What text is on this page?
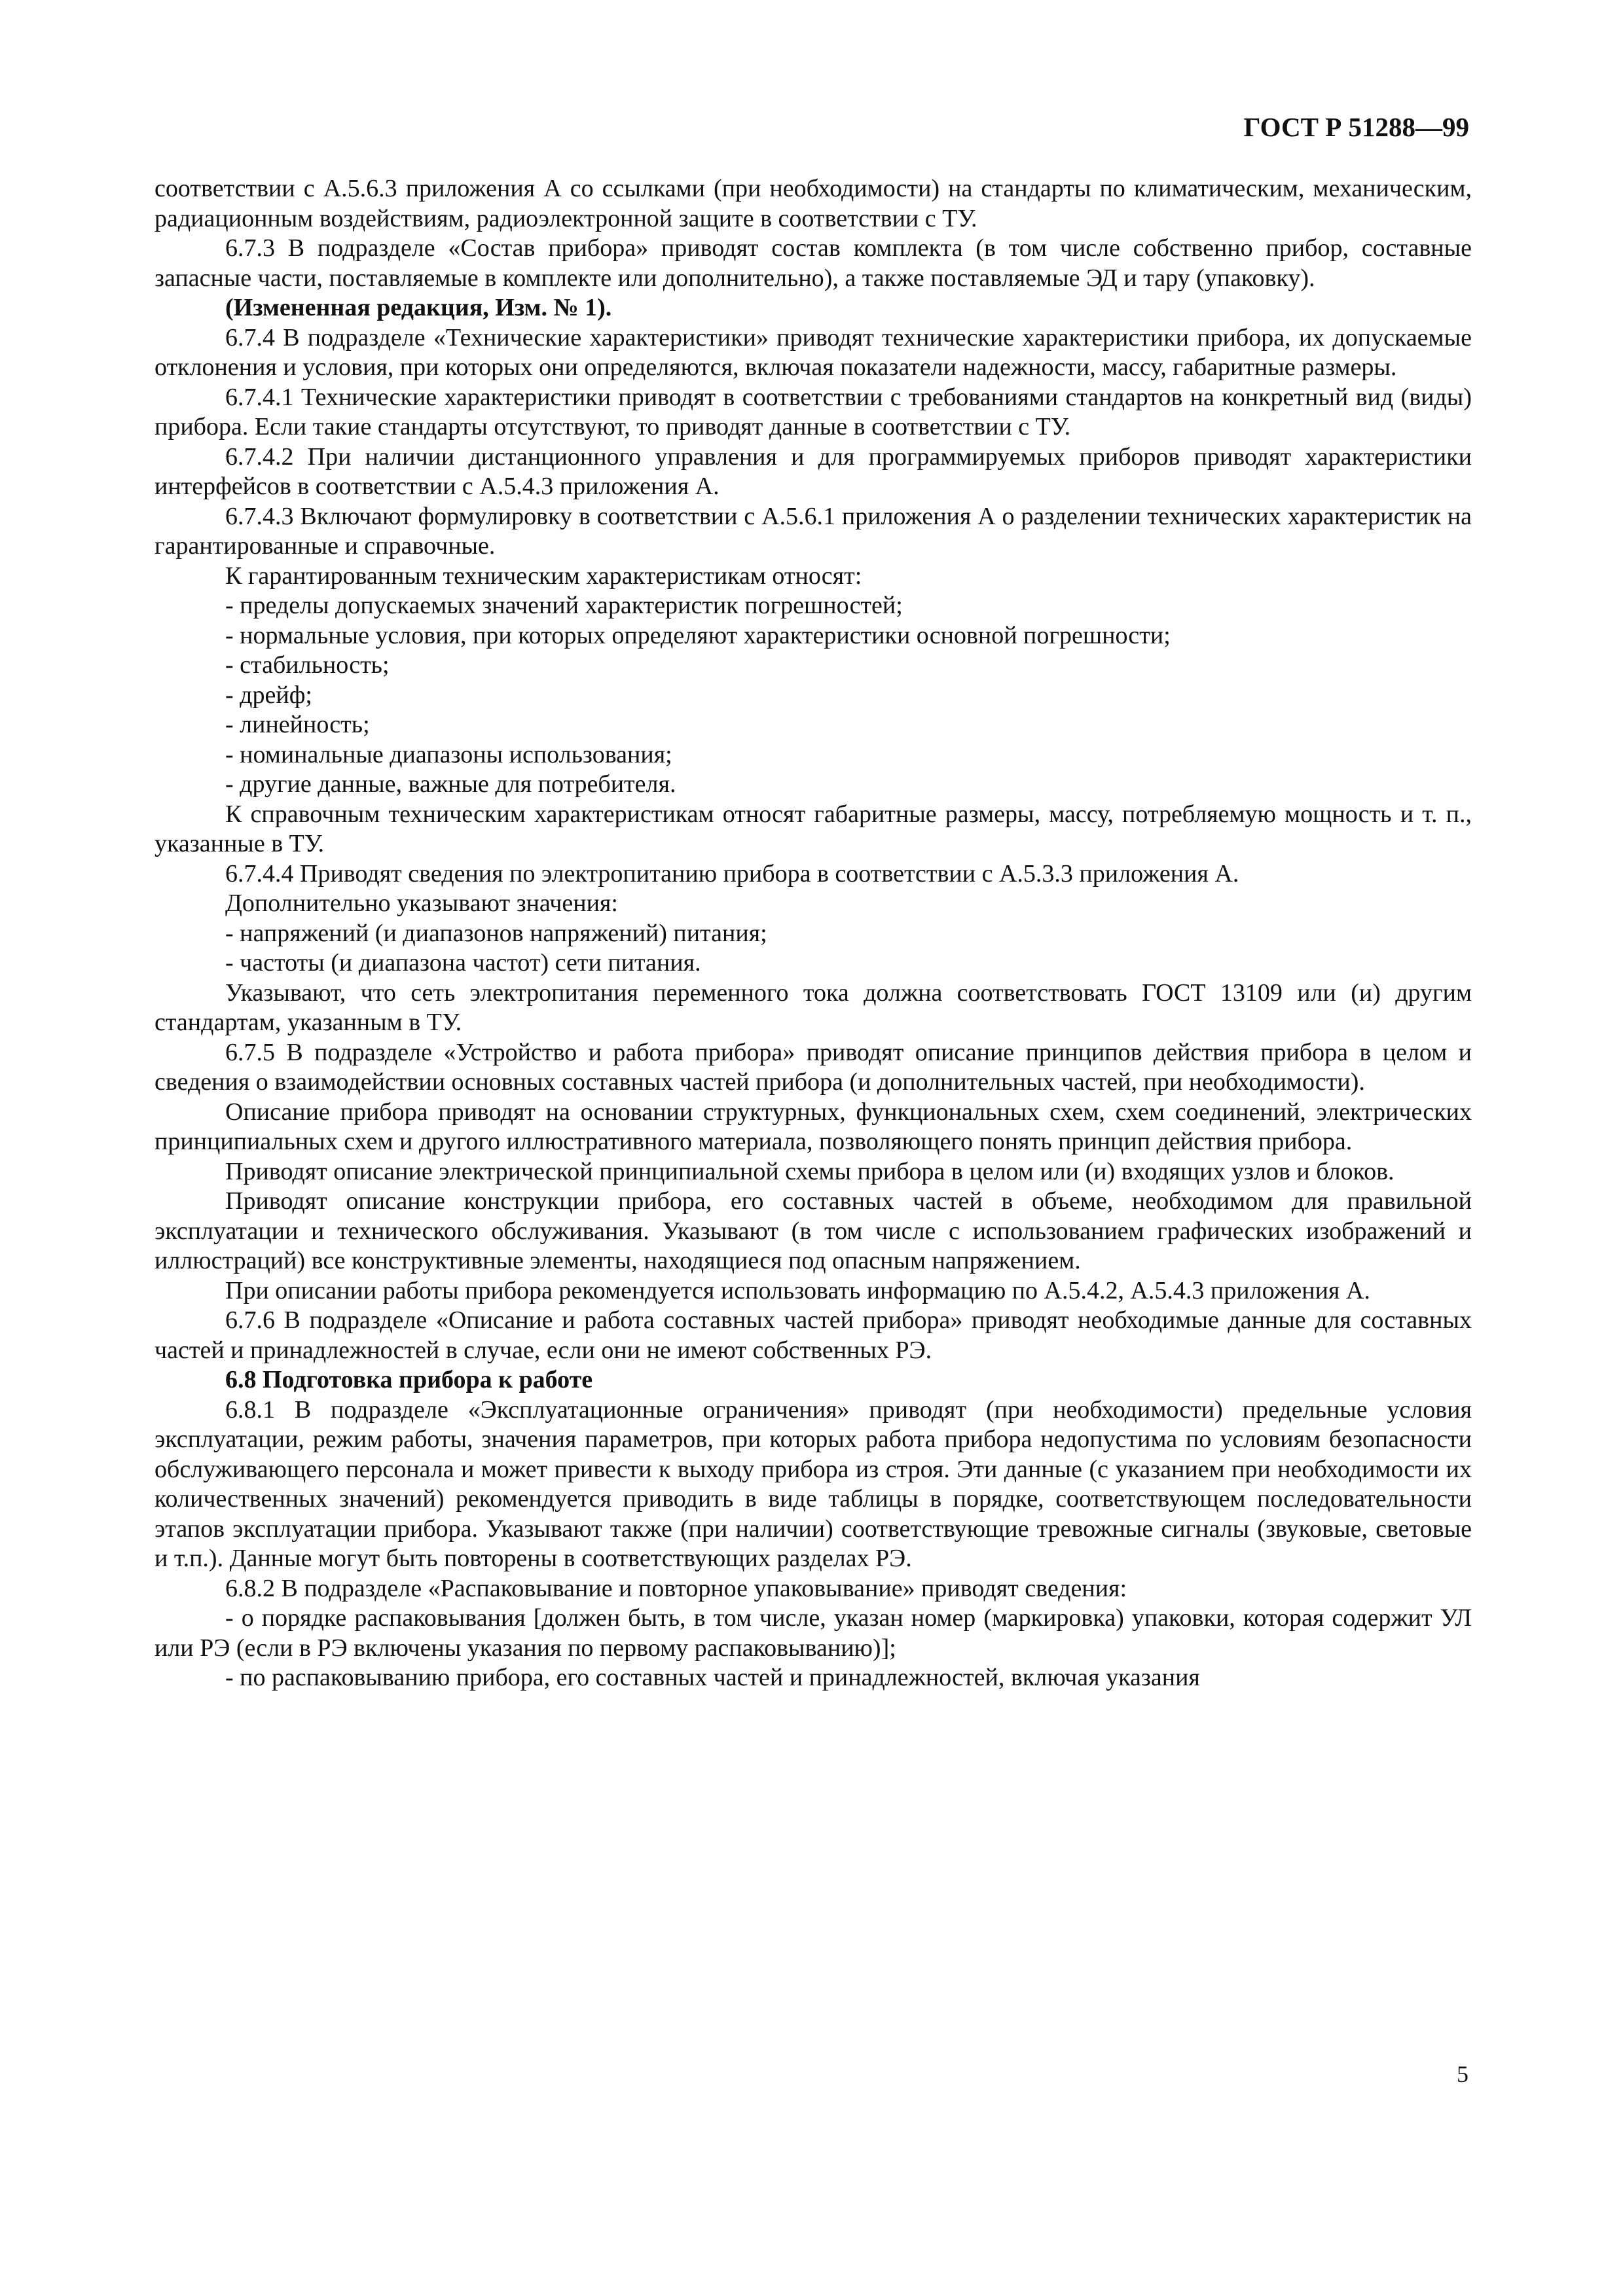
ГОСТ Р 51288—99

соответствии с А.5.6.3 приложения А со ссылками (при необходимости) на стандарты по климатическим, механическим, радиационным воздействиям, радиоэлектронной защите в соответствии с ТУ.

6.7.3 В подразделе «Состав прибора» приводят состав комплекта (в том числе собственно прибор, составные запасные части, поставляемые в комплекте или дополнительно), а также поставляемые ЭД и тару (упаковку).

(Измененная редакция, Изм. № 1).

6.7.4 В подразделе «Технические характеристики» приводят технические характеристики прибора, их допускаемые отклонения и условия, при которых они определяются, включая показатели надежности, массу, габаритные размеры.

6.7.4.1 Технические характеристики приводят в соответствии с требованиями стандартов на конкретный вид (виды) прибора. Если такие стандарты отсутствуют, то приводят данные в соответствии с ТУ.

6.7.4.2 При наличии дистанционного управления и для программируемых приборов приводят характеристики интерфейсов в соответствии с А.5.4.3 приложения А.

6.7.4.3 Включают формулировку в соответствии с А.5.6.1 приложения А о разделении технических характеристик на гарантированные и справочные.

К гарантированным техническим характеристикам относят:

- пределы допускаемых значений характеристик погрешностей;

- нормальные условия, при которых определяют характеристики основной погрешности;

- стабильность;

- дрейф;

- линейность;

- номинальные диапазоны использования;

- другие данные, важные для потребителя.

К справочным техническим характеристикам относят габаритные размеры, массу, потребляемую мощность и т. п., указанные в ТУ.

6.7.4.4 Приводят сведения по электропитанию прибора в соответствии с А.5.3.3 приложения А.

Дополнительно указывают значения:

- напряжений (и диапазонов напряжений) питания;

- частоты (и диапазона частот) сети питания.

Указывают, что сеть электропитания переменного тока должна соответствовать ГОСТ 13109 или (и) другим стандартам, указанным в ТУ.

6.7.5 В подразделе «Устройство и работа прибора» приводят описание принципов действия прибора в целом и сведения о взаимодействии основных составных частей прибора (и дополнительных частей, при необходимости).

Описание прибора приводят на основании структурных, функциональных схем, схем соединений, электрических принципиальных схем и другого иллюстративного материала, позволяющего понять принцип действия прибора.

Приводят описание электрической принципиальной схемы прибора в целом или (и) входящих узлов и блоков.

Приводят описание конструкции прибора, его составных частей в объеме, необходимом для правильной эксплуатации и технического обслуживания. Указывают (в том числе с использованием графических изображений и иллюстраций) все конструктивные элементы, находящиеся под опасным напряжением.

При описании работы прибора рекомендуется использовать информацию по А.5.4.2, А.5.4.3 приложения А.

6.7.6 В подразделе «Описание и работа составных частей прибора» приводят необходимые данные для составных частей и принадлежностей в случае, если они не имеют собственных РЭ.

6.8 Подготовка прибора к работе

6.8.1 В подразделе «Эксплуатационные ограничения» приводят (при необходимости) предельные условия эксплуатации, режим работы, значения параметров, при которых работа прибора недопустима по условиям безопасности обслуживающего персонала и может привести к выходу прибора из строя. Эти данные (с указанием при необходимости их количественных значений) рекомендуется приводить в виде таблицы в порядке, соответствующем последовательности этапов эксплуатации прибора. Указывают также (при наличии) соответствующие тревожные сигналы (звуковые, световые и т.п.). Данные могут быть повторены в соответствующих разделах РЭ.

6.8.2 В подразделе «Распаковывание и повторное упаковывание» приводят сведения:

- о порядке распаковывания [должен быть, в том числе, указан номер (маркировка) упаковки, которая содержит УЛ или РЭ (если в РЭ включены указания по первому распаковыванию)];

- по распаковыванию прибора, его составных частей и принадлежностей, включая указания

5
